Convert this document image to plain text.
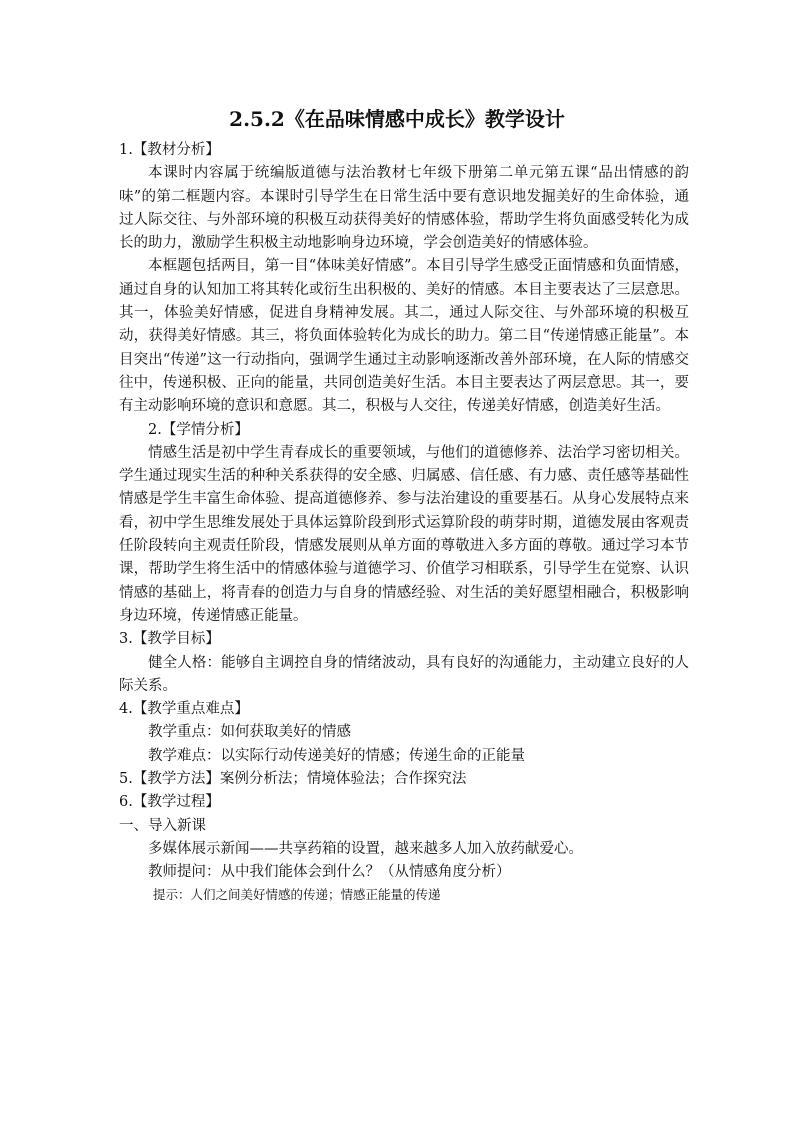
2.5.2《在品味情感中成长》教学设计

1.【教材分析】

本课时内容属于统编版道德与法治教材七年级下册第二单元第五课“品出情感的韵味”的第二框题内容。本课时引导学生在日常生活中要有意识地发掘美好的生命体验，通过人际交往、与外部环境的积极互动获得美好的情感体验，帮助学生将负面感受转化为成长的助力，激励学生积极主动地影响身边环境，学会创造美好的情感体验。

本框题包括两目，第一目“体味美好情感”。本目引导学生感受正面情感和负面情感，通过自身的认知加工将其转化或衍生出积极的、美好的情感。本目主要表达了三层意思。其一，体验美好情感，促进自身精神发展。其二，通过人际交往、与外部环境的积极互动，获得美好情感。其三，将负面体验转化为成长的助力。第二目“传递情感正能量”。本目突出“传递”这一行动指向，强调学生通过主动影响逐渐改善外部环境，在人际的情感交往中，传递积极、正向的能量，共同创造美好生活。本目主要表达了两层意思。其一，要有主动影响环境的意识和意愿。其二，积极与人交往，传递美好情感，创造美好生活。

2.【学情分析】

情感生活是初中学生青春成长的重要领域，与他们的道德修养、法治学习密切相关。学生通过现实生活的种种关系获得的安全感、归属感、信任感、有力感、责任感等基础性情感是学生丰富生命体验、提高道德修养、参与法治建设的重要基石。从身心发展特点来看，初中学生思维发展处于具体运算阶段到形式运算阶段的萌芽时期，道德发展由客观责任阶段转向主观责任阶段，情感发展则从单方面的尊敬进入多方面的尊敬。通过学习本节课，帮助学生将生活中的情感体验与道德学习、价值学习相联系，引导学生在觉察、认识情感的基础上，将青春的创造力与自身的情感经验、对生活的美好愿望相融合，积极影响身边环境，传递情感正能量。

3.【教学目标】

健全人格：能够自主调控自身的情绪波动，具有良好的沟通能力，主动建立良好的人际关系。

4.【教学重点难点】

教学重点：如何获取美好的情感

教学难点：以实际行动传递美好的情感；传递生命的正能量

5.【教学方法】案例分析法；情境体验法；合作探究法

6.【教学过程】

一、导入新课

多媒体展示新闻——共享药箱的设置，越来越多人加入放药献爱心。

教师提问：从中我们能体会到什么？（从情感角度分析）

提示：人们之间美好情感的传递；情感正能量的传递
